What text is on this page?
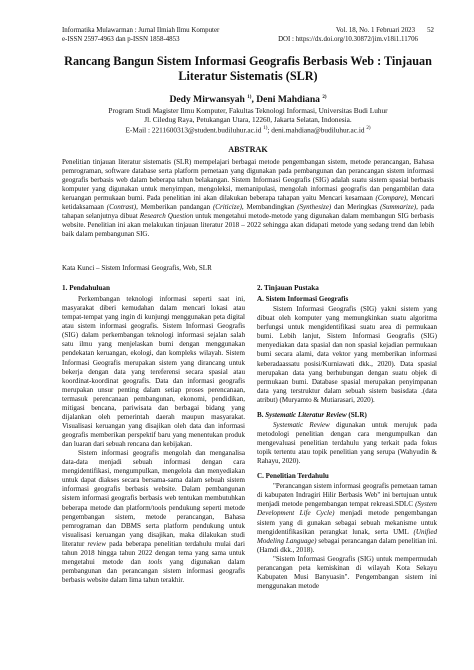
Informatika Mulawarman : Jurnal Ilmiah Ilmu Komputer	Vol. 18, No. 1 Februari 2023 52
e-ISSN 2597-4963 dan p-ISSN 1858-4853	DOI : https://dx.doi.org/10.30872/jim.v18i1.11706
Rancang Bangun Sistem Informasi Geografis Berbasis Web : Tinjauan
Literatur Sistematis (SLR)
Dedy Mirwansyah $^{1)}$, Deni Mahdiana $^{2)}$
Program Studi Magister Ilmu Komputer, Fakultas Teknologi Informasi, Universitas Budi Luhur
Jl. Ciledug Raya, Petukangan Utara, 12260, Jakarta Selatan, Indonesia.
E-Mail : 2211600313@student.budiluhur.ac.id $^{1)}$; deni.mahdiana@budiluhur.ac.id $^{2)}$
ABSTRAK
Penelitian tinjauan literatur sistematis (SLR) mempelajari berbagai metode pengembangan sistem, metode perancangan, Bahasa pemrograman, software database serta platform pemetaan yang digunakan pada pembangunan dan perancangan sistem informasi geografis berbasis web dalam beberapa tahun belakangan. Sistem Informasi Geografis (SIG) adalah suatu sistem spasial berbasis komputer yang digunakan untuk menyimpan, mengoleksi, memanipulasi, mengolah informasi geografis dan pengambilan data keruangan permukaan bumi. Pada penelitian ini akan dilakukan beberapa tahapan yaitu Mencari kesamaan (Compare), Mencari ketidaksamaan (Contrast), Memberikan pandangan (Criticize), Membandingkan (Synthesize) dan Meringkas (Summarize), pada tahapan selanjutnya dibuat Research Question untuk mengetahui metode-metode yang digunakan dalam membangun SIG berbasis website. Penelitian ini akan melakukan tinjauan literatur 2018 – 2022 sehingga akan didapati metode yang sedang trend dan lebih baik dalam pembangunan SIG.
Kata Kunci – Sistem Informasi Geografis, Web, SLR
1. Pendahuluan

Perkembangan teknologi informasi seperti saat ini, masyarakat diberi kemudahan dalam mencari lokasi atau tempat-tempat yang ingin di kunjungi menggunakan peta digital atau sistem informasi geografis. Sistem Informasi Geografis (SIG) dalam perkembangan teknologi informasi sejalan salah satu ilmu yang menjelaskan bumi dengan menggunakan pendekatan keruangan, ekologi, dan kompleks wilayah. Sistem Informasi Geografis merupakan sistem yang dirancang untuk bekerja dengan data yang tereferensi secara spasial atau koordinat-koordinat geografis. Data dan informasi geografis merupakan unsur penting dalam setiap proses perencanaan, termasuk perencanaan pembangunan, ekonomi, pendidikan, mitigasi bencana, pariwisata dan berbagai bidang yang dijalankan oleh pemerintah daerah maupun masyarakat. Visualisasi keruangan yang disajikan oleh data dan informasi geografis memberikan perspektif baru yang menentukan produk dan luaran dari sebuah rencana dan kebijakan.

Sistem informasi geografis mengolah dan menganalisa data-data menjadi sebuah informasi dengan cara mengidentifikasi, mengumpulkan, mengelola dan menyediakan untuk dapat diakses secara bersama-sama dalam sebuah sistem informasi geografis berbasis website. Dalam pembangunan sistem informasi geografis berbasis web tentukan membutuhkan beberapa metode dan platform/tools pendukung seperti metode pengembangan sistem, metode perancangan, Bahasa pemrograman dan DBMS serta platform pendukung untuk visualisasi keruangan yang disajikan, maka dilakukan studi literatur review pada beberapa penelitian terdahulu mulai dari tahun 2018 hingga tahun 2022 dengan tema yang sama untuk mengetahui metode dan tools yang digunakan dalam pembangunan dan perancangan sistem informasi geografis berbasis website dalam lima tahun terakhir.

2. Tinjauan Pustaka
A. Sistem Informasi Geografis

Sistem Informasi Geografis (SIG) yakni sistem yang dibuat oleh komputer yang memungkinkan suatu algoritma berfungsi untuk mengidentifikasi suatu area di permukaan bumi. Lebih lanjut, Sistem Informasi Geografis (SIG) menyediakan data spasial dan non spasial kejadian permukaan bumi secara alami, data vektor yang memberikan informasi keberadaassatu posisi/Kurniawati dkk., 2020). Data spasial merupakan data yang berhubungan dengan suatu objek di permukaan bumi. Database spasial merupakan penyimpanan data yang terstruktur dalam sebuah sistem basisdata .(data atribut) (Muryamto & Mutiarasari, 2020).

B. Systematic Literatur Review (SLR)

Systematic Review digunakan untuk merujuk pada metodologi penelitian dengan cara mengumpulkan dan mengevaluasi penelitian terdahulu yang terkait pada fokus topik tertentu atau topik penelitian yang serupa (Wahyudin & Rahayu, 2020).

C. Penelitian Terdahulu

"Perancangan sistem informasi geografis pemetaan taman di kabupaten Indragiri Hilir Berbasis Web" ini bertujuan untuk menjadi metode pengembangan tempat rekreasi.SDLC (System Development Life Cycle) menjadi metode pengembangan sistem yang di gunakan sebagai sebuah mekanisme untuk mengidentifikasikan perangkat lunak, serta UML (Unified Modeling Language) sebagai perancangan dalam penelitian ini.(Hamdi dkk., 2018).

"Sistem Informasi Geografis (SIG) untuk mempermudah perancangan peta kemiskinan di wilayah Kota Sekayu Kabupaten Musi Banyuasin". Pengembangan sistem ini menggunakan metode
